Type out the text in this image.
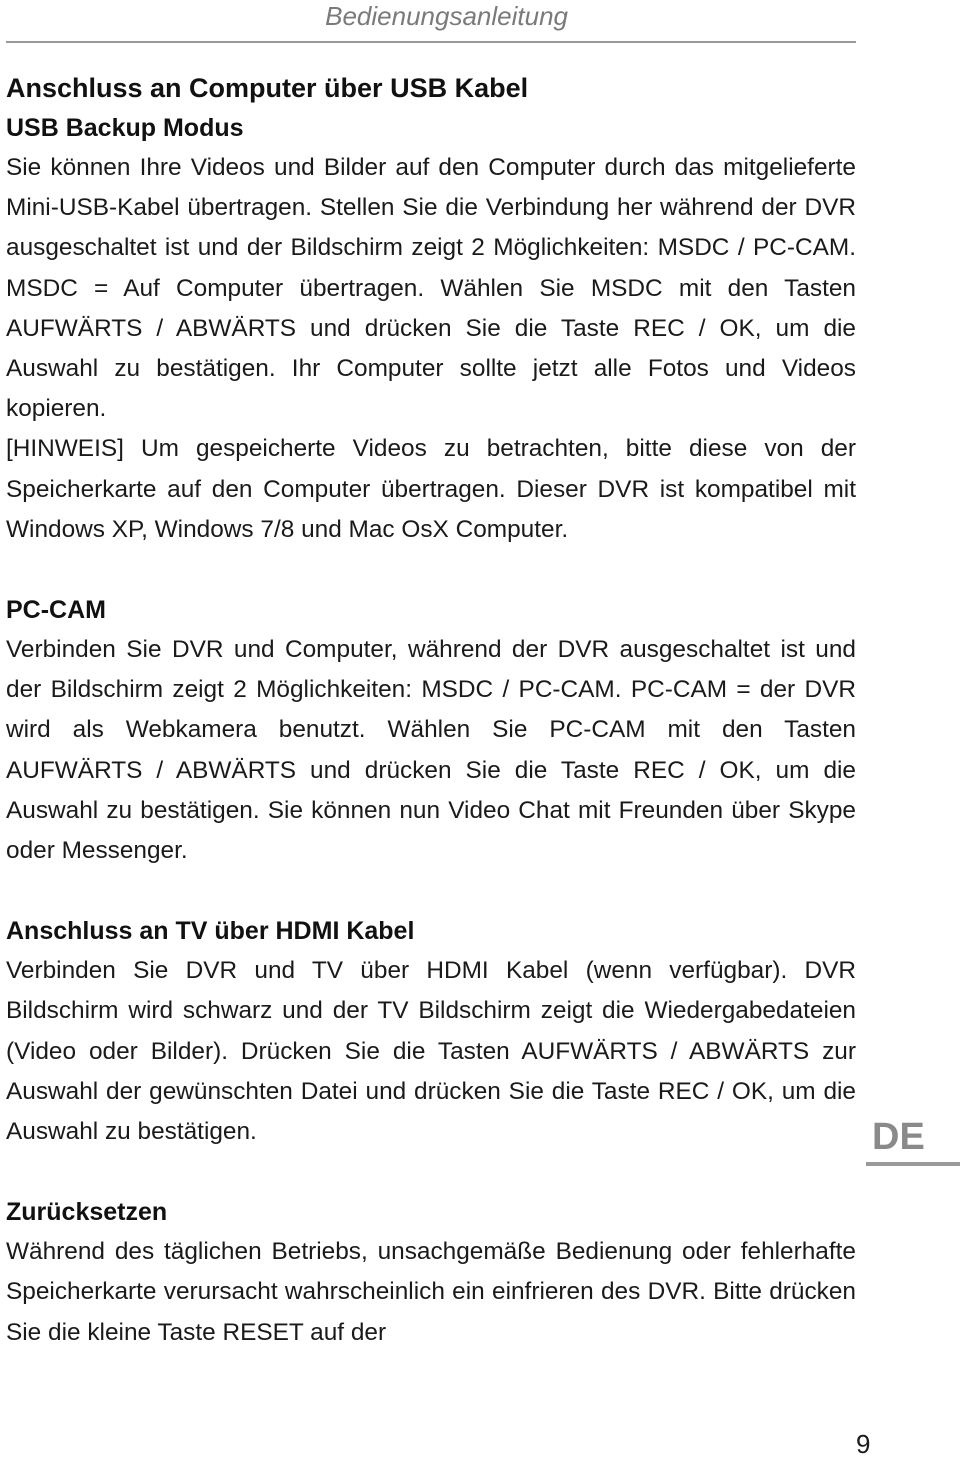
Bedienungsanleitung
Anschluss an Computer über USB Kabel
USB Backup Modus

Sie können Ihre Videos und Bilder auf den Computer durch das mitgelieferte Mini-USB-Kabel übertragen. Stellen Sie die Verbindung her während der DVR ausgeschaltet ist und der Bildschirm zeigt 2 Möglichkeiten: MSDC / PC-CAM. MSDC = Auf Computer übertragen. Wählen Sie MSDC mit den Tasten AUFWÄRTS / ABWÄRTS und drücken Sie die Taste REC / OK, um die Auswahl zu bestätigen. Ihr Computer sollte jetzt alle Fotos und Videos kopieren.

[HINWEIS] Um gespeicherte Videos zu betrachten, bitte diese von der Speicherkarte auf den Computer übertragen. Dieser DVR ist kompatibel mit Windows XP, Windows 7/8 und Mac OsX Computer.

PC-CAM

Verbinden Sie DVR und Computer, während der DVR ausgeschaltet ist und der Bildschirm zeigt 2 Möglichkeiten: MSDC / PC-CAM. PC-CAM = der DVR wird als Webkamera benutzt. Wählen Sie PC-CAM mit den Tasten AUFWÄRTS / ABWÄRTS und drücken Sie die Taste REC / OK, um die Auswahl zu bestätigen. Sie können nun Video Chat mit Freunden über Skype oder Messenger.

Anschluss an TV über HDMI Kabel

Verbinden Sie DVR und TV über HDMI Kabel (wenn verfügbar). DVR Bildschirm wird schwarz und der TV Bildschirm zeigt die Wiedergabedateien (Video oder Bilder). Drücken Sie die Tasten AUFWÄRTS / ABWÄRTS zur Auswahl der gewünschten Datei und drücken Sie die Taste REC / OK, um die Auswahl zu bestätigen.

Zurücksetzen

Während des täglichen Betriebs, unsachgemäße Bedienung oder fehlerhafte Speicherkarte verursacht wahrscheinlich ein einfrieren des DVR. Bitte drücken Sie die kleine Taste RESET auf der

DE
9
